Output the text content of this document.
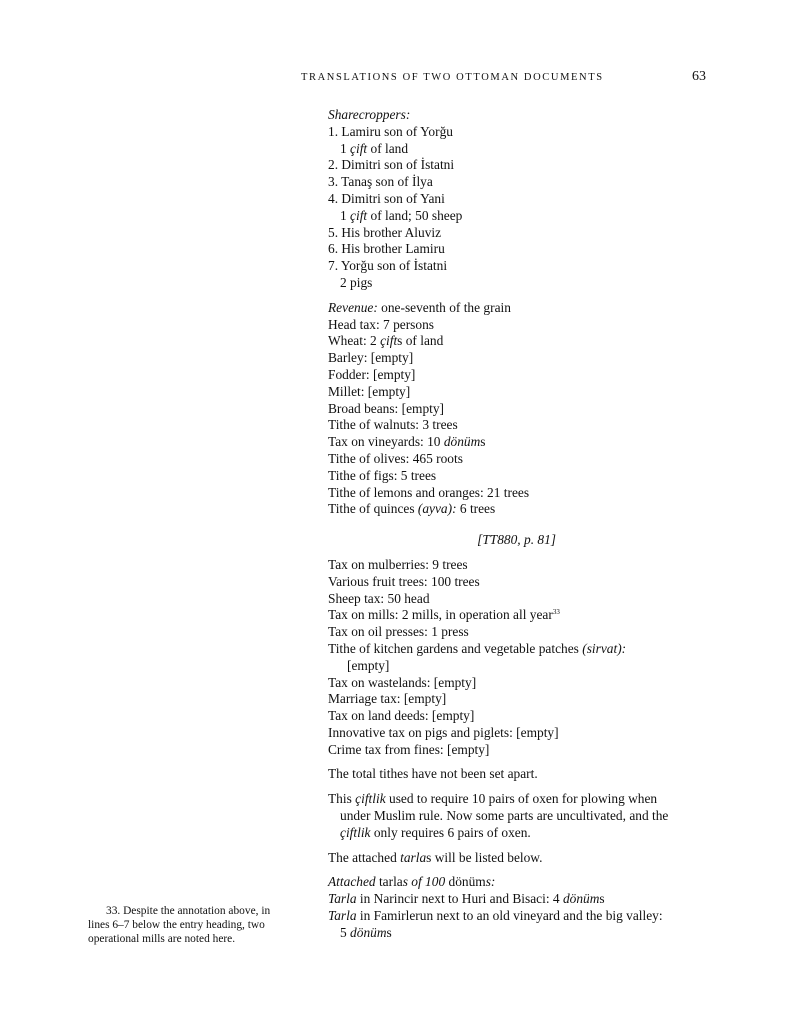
TRANSLATIONS OF TWO OTTOMAN DOCUMENTS	63
Sharecroppers:
1. Lamiru son of Yorğu
1 çift of land
2. Dimitri son of İstatni
3. Tanaş son of İlya
4. Dimitri son of Yani
1 çift of land; 50 sheep
5. His brother Aluviz
6. His brother Lamiru
7. Yorğu son of İstatni
2 pigs
Revenue: one-seventh of the grain
Head tax: 7 persons
Wheat: 2 çifts of land
Barley: [empty]
Fodder: [empty]
Millet: [empty]
Broad beans: [empty]
Tithe of walnuts: 3 trees
Tax on vineyards: 10 dönüms
Tithe of olives: 465 roots
Tithe of figs: 5 trees
Tithe of lemons and oranges: 21 trees
Tithe of quinces (ayva): 6 trees
[TT880, p. 81]
Tax on mulberries: 9 trees
Various fruit trees: 100 trees
Sheep tax: 50 head
Tax on mills: 2 mills, in operation all year$^{33}$
Tax on oil presses: 1 press
Tithe of kitchen gardens and vegetable patches (sirvat):
[empty]
Tax on wastelands: [empty]
Marriage tax: [empty]
Tax on land deeds: [empty]
Innovative tax on pigs and piglets: [empty]
Crime tax from fines: [empty]
The total tithes have not been set apart.
This çiftlik used to require 10 pairs of oxen for plowing when
under Muslim rule. Now some parts are uncultivated, and the
çiftlik only requires 6 pairs of oxen.
The attached tarlas will be listed below.
Attached tarlas of 100 dönüms:
Tarla in Narincir next to Huri and Bisaci: 4 dönüms
Tarla in Famirlerun next to an old vineyard and the big valley:
5 dönüms
33. Despite the annotation above, in lines 6–7 below the entry heading, two operational mills are noted here.
